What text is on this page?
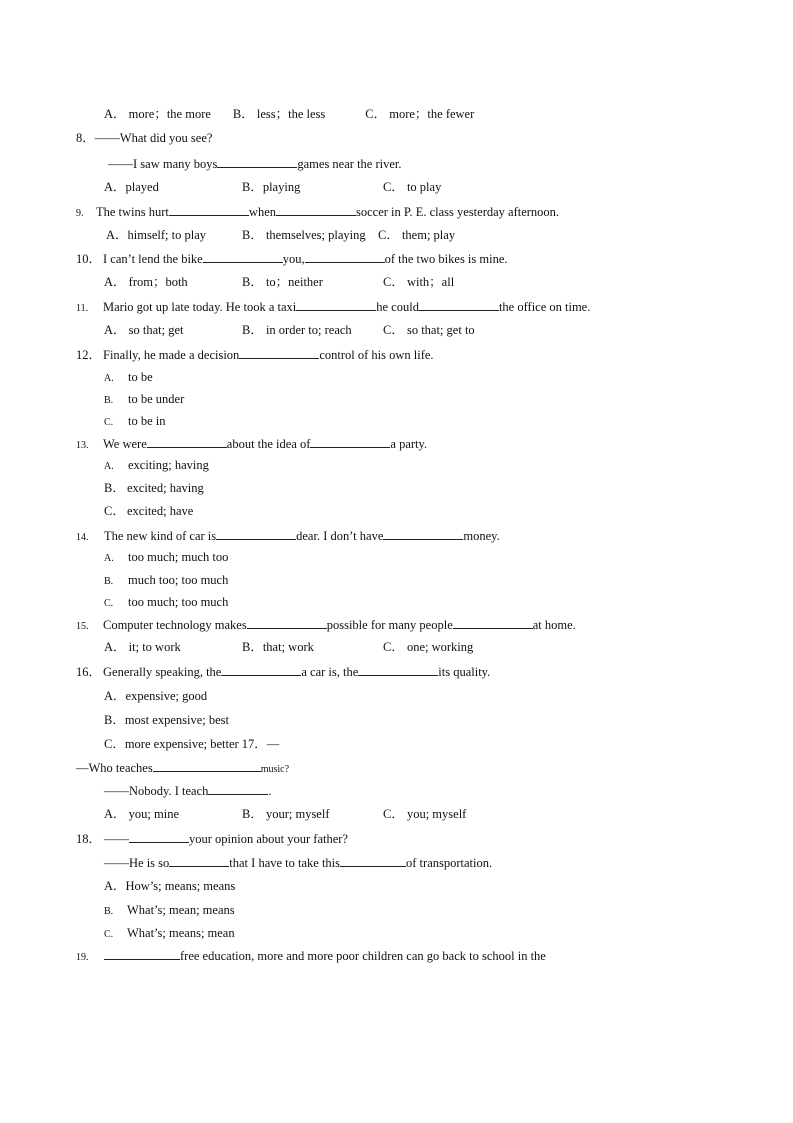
A． more；the more B． less；the less	C． more；the fewer
8．——What did you see?
——I saw many boys	games near the river.
A．played	B．playing	C． to play
9. The twins hurt	when	soccer in P. E. class yesterday afternoon.
A．himself; to play	B． themselves; playing C． them; play
10． I can’t lend the bike	you,	of the two bikes is mine.
A． from；both	B． to；neither	C． with；all
11. Mario got up late today. He took a taxi	he could	the office on time.
A． so that; get	B． in order to; reach	C． so that; get to
12． Finally, he made a decision	control of his own life.
A. to be
B. to be under
C. to be in
13. We were	about the idea of	a party.
A. exciting; having
B． excited; having
C． excited; have
14. The new kind of car is	dear. I don’t have	money.
A. too much; much too
B. much too; too much
C. too much; too much
15. Computer technology makes	possible for many people	at home.
A． it; to work	B．that; work	C． one; working
16． Generally speaking, the	a car is, the	its quality.
A．expensive; good
B．most expensive; best
C．more expensive; better 17．—
—Who teaches	music?
——Nobody. I teach	.
A． you; mine	B． your; myself	C． you; myself
18． ——	your opinion about your father?
——He is so	that I have to take this	of transportation.
A．How’s; means; means
B. What’s; mean; means
C. What’s; means; mean
19.	free education, more and more poor children can go back to school in the
